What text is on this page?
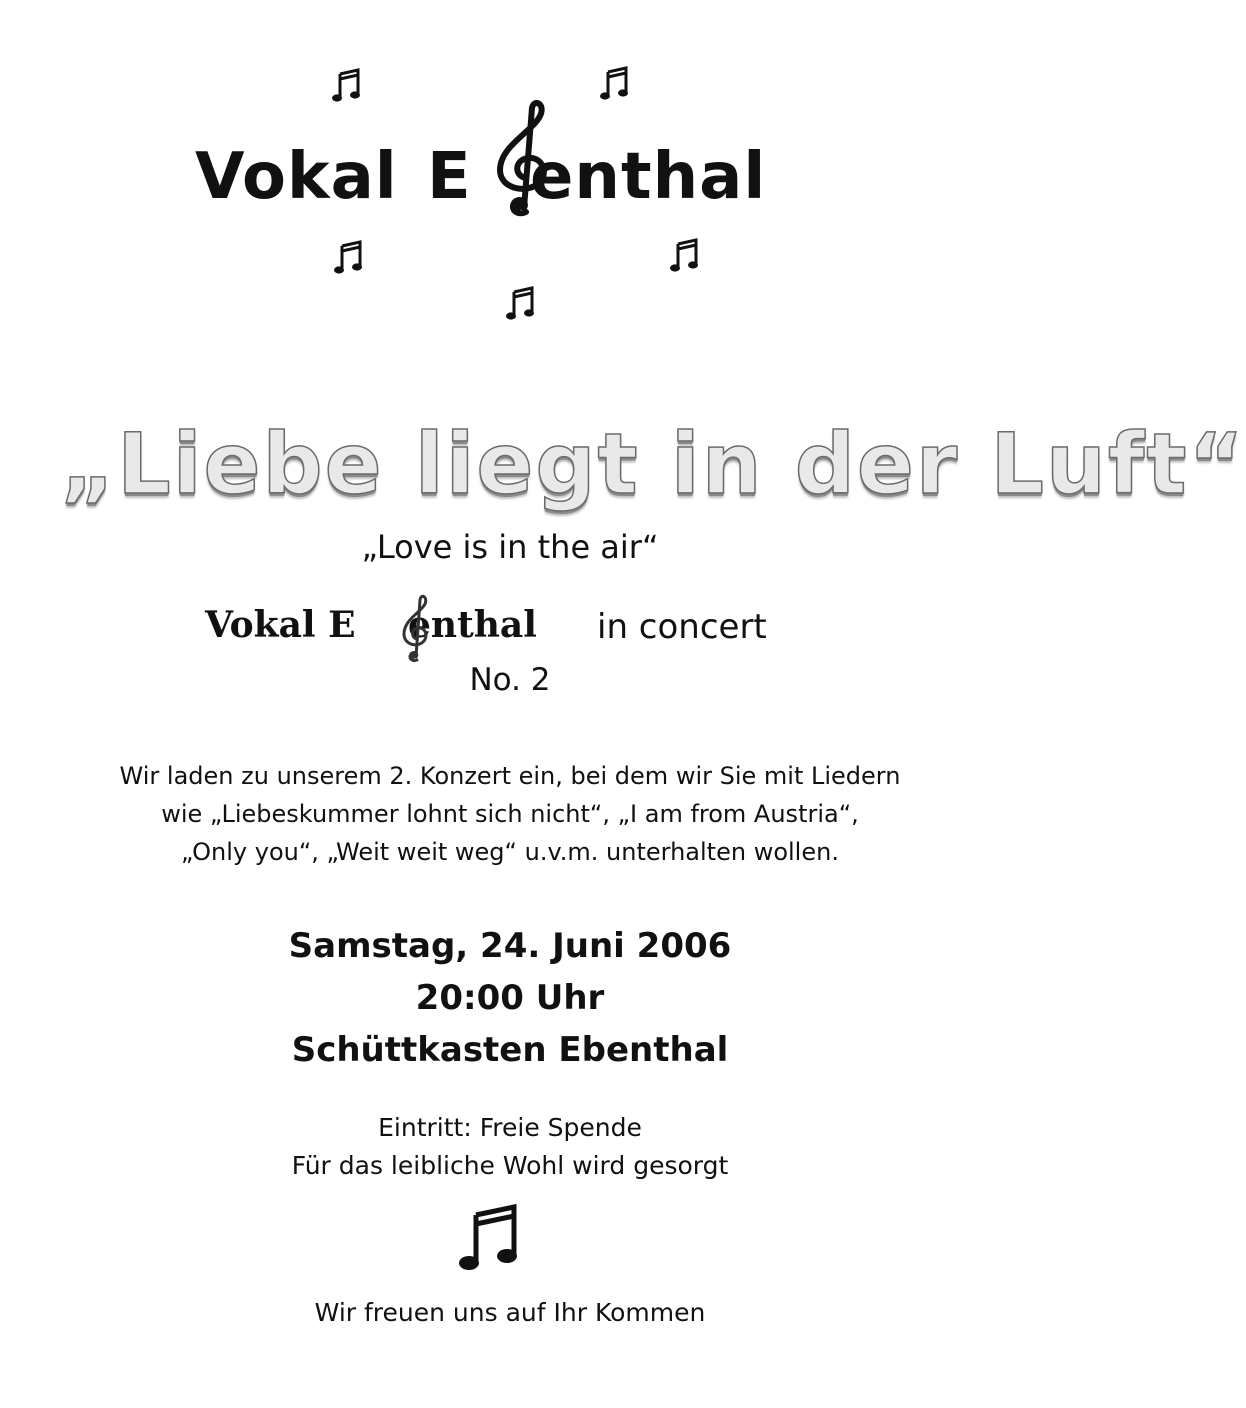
Vokal E enthal
„Liebe liegt in der Luft“
„Love is in the air“
Vokal E enthal in concert
No. 2
Wir laden zu unserem 2. Konzert ein, bei dem wir Sie mit Liedern
wie „Liebeskummer lohnt sich nicht“, „I am from Austria“,
„Only you“, „Weit weit weg“ u.v.m. unterhalten wollen.
Samstag, 24. Juni 2006
20:00 Uhr
Schüttkasten Ebenthal
Eintritt: Freie Spende
Für das leibliche Wohl wird gesorgt
Wir freuen uns auf Ihr Kommen
